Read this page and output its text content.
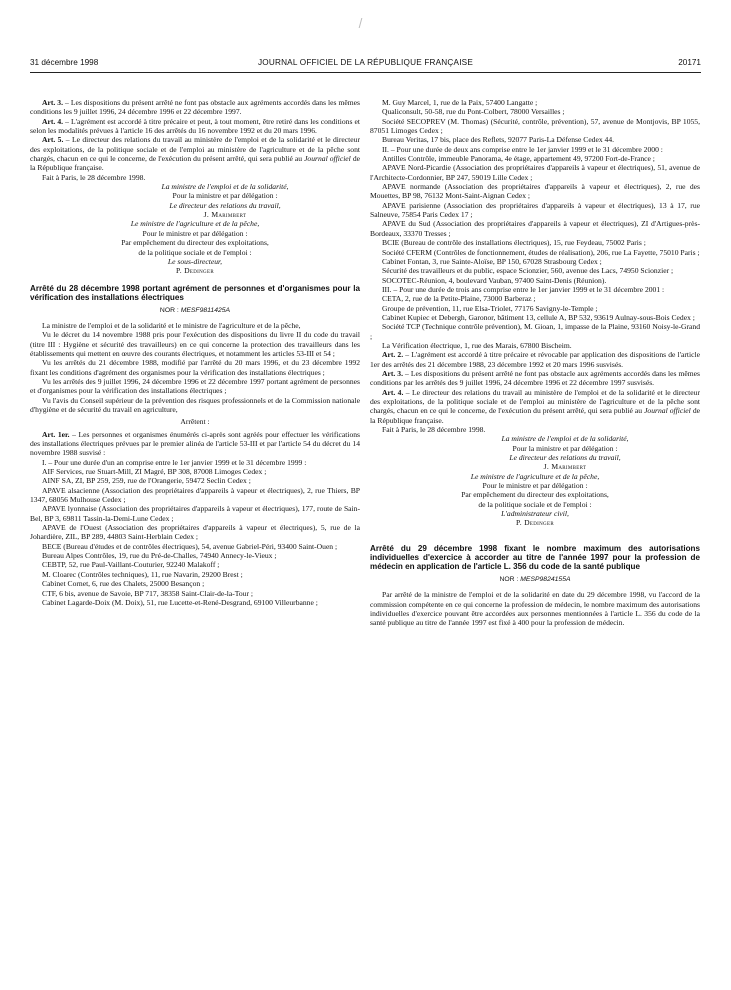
31 décembre 1998	JOURNAL OFFICIEL DE LA RÉPUBLIQUE FRANÇAISE	20171

Art. 3. – Les dispositions du présent arrêté ne font pas obstacle aux agréments accordés dans les mêmes conditions les 9 juillet 1996, 24 décembre 1996 et 22 décembre 1997.

Art. 4. – L'agrément est accordé à titre précaire et peut, à tout moment, être retiré dans les conditions et selon les modalités prévues à l'article 16 des arrêtés du 16 novembre 1992 et du 20 mars 1996.

Art. 5. – Le directeur des relations du travail au ministère de l'emploi et de la solidarité et le directeur des exploitations, de la politique sociale et de l'emploi au ministère de l'agriculture et de la pêche sont chargés, chacun en ce qui le concerne, de l'exécution du présent arrêté, qui sera publié au Journal officiel de la République française.

Fait à Paris, le 28 décembre 1998.

La ministre de l'emploi et de la solidarité,

Pour la ministre et par délégation :

Le directeur des relations du travail,

J. Marimbert

Le ministre de l'agriculture et de la pêche,

Pour le ministre et par délégation :

Par empêchement du directeur des exploitations,

de la politique sociale et de l'emploi :

Le sous-directeur,

P. Dedinger

Arrêté du 28 décembre 1998 portant agrément de personnes et d'organismes pour la vérification des installations électriques
NOR : MESF9811425A

La ministre de l'emploi et de la solidarité et le ministre de l'agriculture et de la pêche,

Vu le décret du 14 novembre 1988 pris pour l'exécution des dispositions du livre II du code du travail (titre III : Hygiène et sécurité des travailleurs) en ce qui concerne la protection des travailleurs dans les établissements qui mettent en œuvre des courants électriques, et notamment les articles 53-III et 54 ;

Vu les arrêtés du 21 décembre 1988, modifié par l'arrêté du 20 mars 1996, et du 23 décembre 1992 fixant les conditions d'agrément des organismes pour la vérification des installations électriques ;

Vu les arrêtés des 9 juillet 1996, 24 décembre 1996 et 22 décembre 1997 portant agrément de personnes et d'organismes pour la vérification des installations électriques ;

Vu l'avis du Conseil supérieur de la prévention des risques professionnels et de la Commission nationale d'hygiène et de sécurité du travail en agriculture,

Arrêtent :

Art. 1er. – Les personnes et organismes énumérés ci-après sont agréés pour effectuer les vérifications des installations électriques prévues par le premier alinéa de l'article 53-III et par l'article 54 du décret du 14 novembre 1988 susvisé :

I. – Pour une durée d'un an comprise entre le 1er janvier 1999 et le 31 décembre 1999 :

AIF Services, rue Stuart-Mill, ZI Magré, BP 308, 87008 Limoges Cedex ;

AINF SA, ZI, BP 259, 259, rue de l'Orangerie, 59472 Seclin Cedex ;

APAVE alsacienne (Association des propriétaires d'appareils à vapeur et électriques), 2, rue Thiers, BP 1347, 68056 Mulhouse Cedex ;

APAVE lyonnaise (Association des propriétaires d'appareils à vapeur et électriques), 177, route de Sain-Bel, BP 3, 69811 Tassin-la-Demi-Lune Cedex ;

APAVE de l'Ouest (Association des propriétaires d'appareils à vapeur et électriques), 5, rue de la Johardière, ZIL, BP 289, 44803 Saint-Herblain Cedex ;

BECE (Bureau d'études et de contrôles électriques), 54, avenue Gabriel-Péri, 93400 Saint-Ouen ;

Bureau Alpes Contrôles, 19, rue du Pré-de-Challes, 74940 Annecy-le-Vieux ;

CEBTP, 52, rue Paul-Vaillant-Couturier, 92240 Malakoff ;

M. Cloarec (Contrôles techniques), 11, rue Navarin, 29200 Brest ;

Cabinet Cornet, 6, rue des Chalets, 25000 Besançon ;

CTF, 6 bis, avenue de Savoie, BP 717, 38358 Saint-Clair-de-la-Tour ;

Cabinet Lagarde-Doix (M. Doix), 51, rue Lucette-et-René-Desgrand, 69100 Villeurbanne ;

M. Guy Marcel, 1, rue de la Paix, 57400 Langatte ;

Qualiconsult, 50-58, rue du Pont-Colbert, 78000 Versailles ;

Société SECOPREV (M. Thomas) (Sécurité, contrôle, prévention), 57, avenue de Montjovis, BP 1055, 87051 Limoges Cedex ;

Bureau Veritas, 17 bis, place des Reflets, 92077 Paris-La Défense Cedex 44.

II. – Pour une durée de deux ans comprise entre le 1er janvier 1999 et le 31 décembre 2000 :

Antilles Contrôle, immeuble Panorama, 4e étage, appartement 49, 97200 Fort-de-France ;

APAVE Nord-Picardie (Association des propriétaires d'appareils à vapeur et électriques), 51, avenue de l'Architecte-Cordonnier, BP 247, 59019 Lille Cedex ;

APAVE normande (Association des propriétaires d'appareils à vapeur et électriques), 2, rue des Mouettes, BP 98, 76132 Mont-Saint-Aignan Cedex ;

APAVE parisienne (Association des propriétaires d'appareils à vapeur et électriques), 13 à 17, rue Salneuve, 75854 Paris Cedex 17 ;

APAVE du Sud (Association des propriétaires d'appareils à vapeur et électriques), ZI d'Artigues-près-Bordeaux, 33370 Tresses ;

BCIE (Bureau de contrôle des installations électriques), 15, rue Feydeau, 75002 Paris ;

Société CFERM (Contrôles de fonctionnement, études de réalisation), 206, rue La Fayette, 75010 Paris ;

Cabinet Fontan, 3, rue Sainte-Aloïse, BP 150, 67028 Strasbourg Cedex ;

Sécurité des travailleurs et du public, espace Scionzier, 560, avenue des Lacs, 74950 Scionzier ;

SOCOTEC-Réunion, 4, boulevard Vauban, 97400 Saint-Denis (Réunion).

III. – Pour une durée de trois ans comprise entre le 1er janvier 1999 et le 31 décembre 2001 :

CETA, 2, rue de la Petite-Plaine, 73000 Barberaz ;

Groupe de prévention, 11, rue Elsa-Triolet, 77176 Savigny-le-Temple ;

Cabinet Kupiec et Debergh, Garonor, bâtiment 13, cellule A, BP 532, 93619 Aulnay-sous-Bois Cedex ;

Société TCP (Technique contrôle prévention), M. Gioan, 1, impasse de la Plaine, 93160 Noisy-le-Grand ;

La Vérification électrique, 1, rue des Marais, 67800 Bischeim.

Art. 2. – L'agrément est accordé à titre précaire et révocable par application des dispositions de l'article 1er des arrêtés des 21 décembre 1988, 23 décembre 1992 et 20 mars 1996 susvisés.

Art. 3. – Les dispositions du présent arrêté ne font pas obstacle aux agréments accordés dans les mêmes conditions par les arrêtés des 9 juillet 1996, 24 décembre 1996 et 22 décembre 1997 susvisés.

Art. 4. – Le directeur des relations du travail au ministère de l'emploi et de la solidarité et le directeur des exploitations, de la politique sociale et de l'emploi au ministère de l'agriculture et de la pêche sont chargés, chacun en ce qui le concerne, de l'exécution du présent arrêté, qui sera publié au Journal officiel de la République française.

Fait à Paris, le 28 décembre 1998.

La ministre de l'emploi et de la solidarité,

Pour la ministre et par délégation :

Le directeur des relations du travail,

J. Marimbert

Le ministre de l'agriculture et de la pêche,

Pour le ministre et par délégation :

Par empêchement du directeur des exploitations,

de la politique sociale et de l'emploi :

L'administrateur civil,

P. Dedinger

Arrêté du 29 décembre 1998 fixant le nombre maximum des autorisations individuelles d'exercice à accorder au titre de l'année 1997 pour la profession de médecin en application de l'article L. 356 du code de la santé publique
NOR : MESP9824155A

Par arrêté de la ministre de l'emploi et de la solidarité en date du 29 décembre 1998, vu l'accord de la commission compétente en ce qui concerne la profession de médecin, le nombre maximum des autorisations individuelles d'exercice pouvant être accordées aux personnes mentionnées à l'article L. 356 du code de la santé publique au titre de l'année 1997 est fixé à 400 pour la profession de médecin.
